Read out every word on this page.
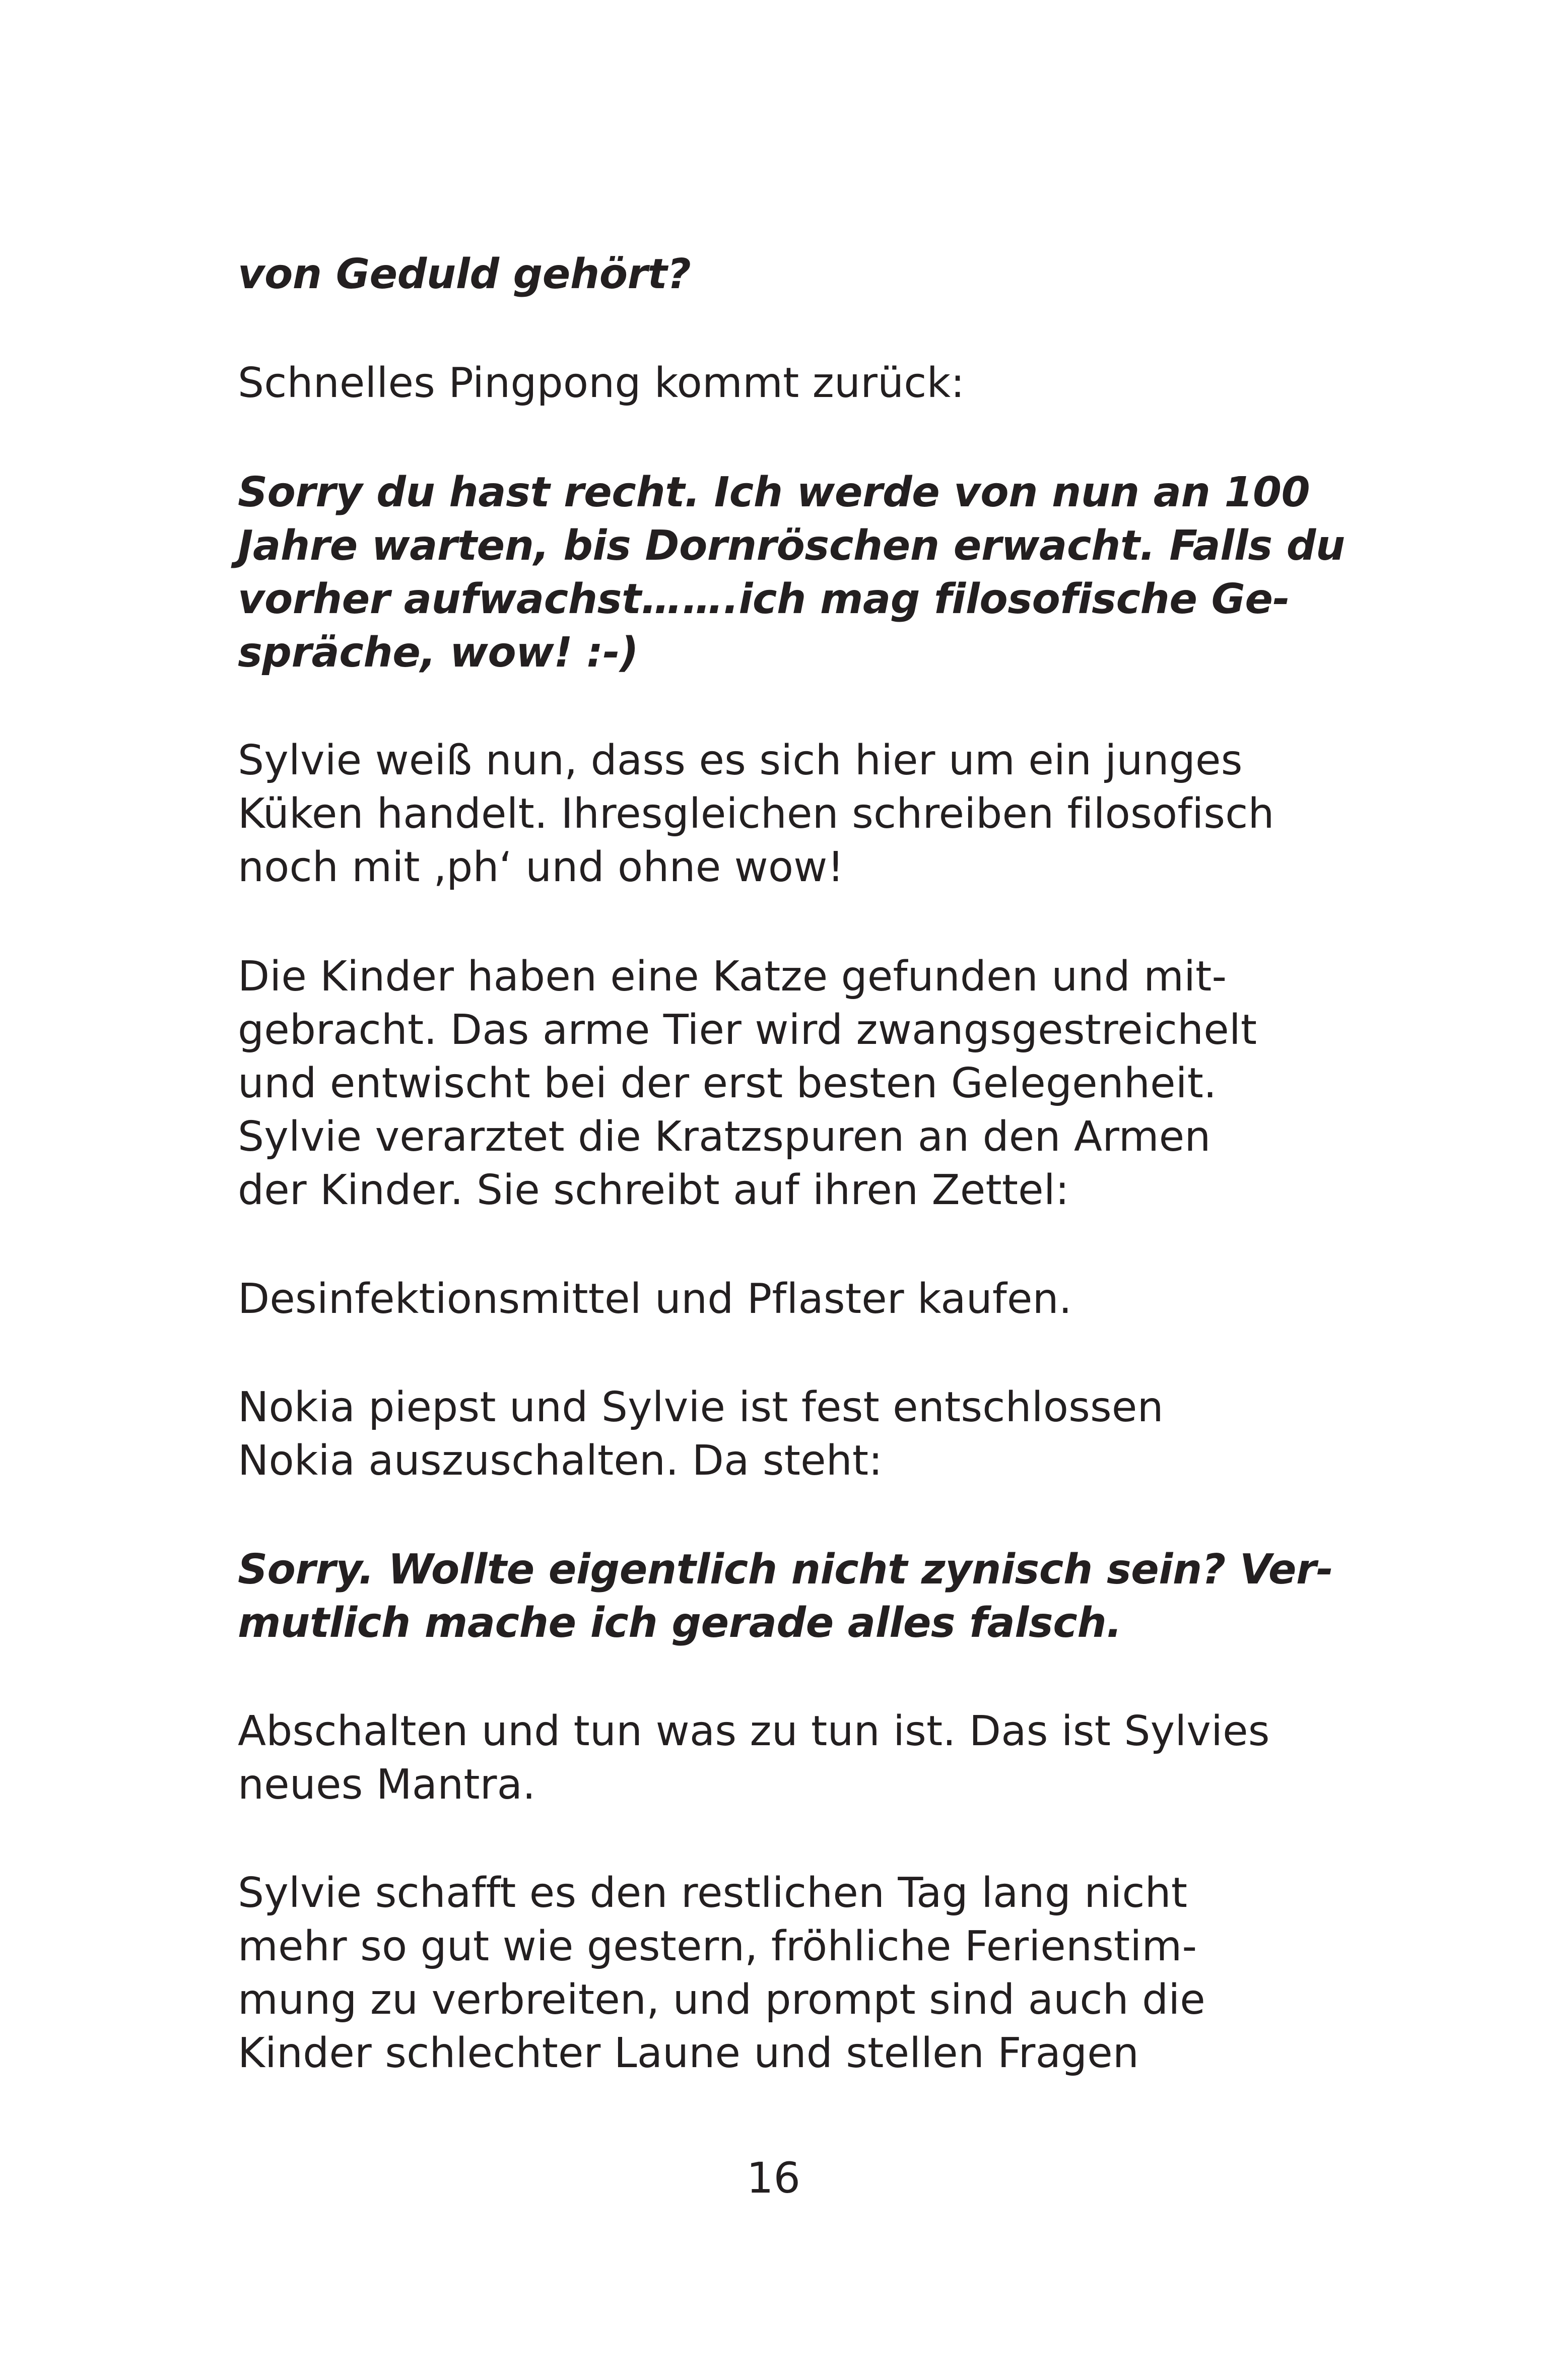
von Geduld gehört?
Schnelles Pingpong kommt zurück:
Sorry du hast recht. Ich werde von nun an 100
Jahre warten, bis Dornröschen erwacht. Falls du
vorher aufwachst…….ich mag filosofische Ge-
spräche, wow! :-)
Sylvie weiß nun, dass es sich hier um ein junges
Küken handelt. Ihresgleichen schreiben filosofisch
noch mit ‚ph‘ und ohne wow!
Die Kinder haben eine Katze gefunden und mit-
gebracht. Das arme Tier wird zwangsgestreichelt
und entwischt bei der erst besten Gelegenheit.
Sylvie verarztet die Kratzspuren an den Armen
der Kinder. Sie schreibt auf ihren Zettel:
Desinfektionsmittel und Pflaster kaufen.
Nokia piepst und Sylvie ist fest entschlossen
Nokia auszuschalten. Da steht:
Sorry. Wollte eigentlich nicht zynisch sein? Ver-
mutlich mache ich gerade alles falsch.
Abschalten und tun was zu tun ist. Das ist Sylvies
neues Mantra.
Sylvie schafft es den restlichen Tag lang nicht
mehr so gut wie gestern, fröhliche Ferienstim-
mung zu verbreiten, und prompt sind auch die
Kinder schlechter Laune und stellen Fragen
16
